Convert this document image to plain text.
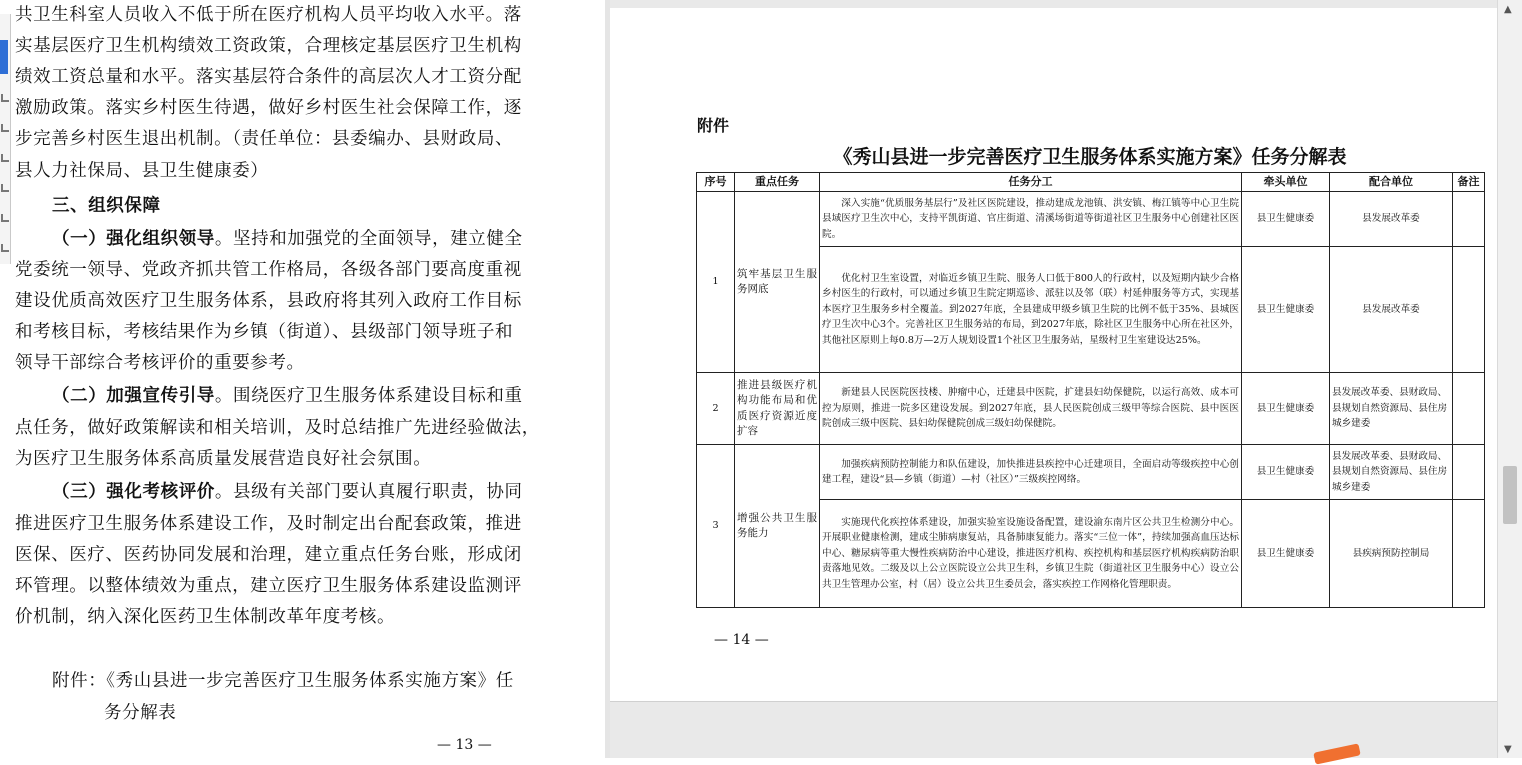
共卫生科室人员收入不低于所在医疗机构人员平均收入水平。落
实基层医疗卫生机构绩效工资政策，合理核定基层医疗卫生机构
绩效工资总量和水平。落实基层符合条件的高层次人才工资分配
激励政策。落实乡村医生待遇，做好乡村医生社会保障工作，逐
步完善乡村医生退出机制。（责任单位：县委编办、县财政局、
县人力社保局、县卫生健康委）
三、组织保障
（一）强化组织领导。坚持和加强党的全面领导，建立健全
党委统一领导、党政齐抓共管工作格局，各级各部门要高度重视
建设优质高效医疗卫生服务体系，县政府将其列入政府工作目标
和考核目标，考核结果作为乡镇（街道）、县级部门领导班子和
领导干部综合考核评价的重要参考。
（二）加强宣传引导。围绕医疗卫生服务体系建设目标和重
点任务，做好政策解读和相关培训，及时总结推广先进经验做法，
为医疗卫生服务体系高质量发展营造良好社会氛围。
（三）强化考核评价。县级有关部门要认真履行职责，协同
推进医疗卫生服务体系建设工作，及时制定出台配套政策，推进
医保、医疗、医药协同发展和治理，建立重点任务台账，形成闭
环管理。以整体绩效为重点，建立医疗卫生服务体系建设监测评
价机制，纳入深化医药卫生体制改革年度考核。
附件：《秀山县进一步完善医疗卫生服务体系实施方案》任
务分解表
— 13 —
附件
《秀山县进一步完善医疗卫生服务体系实施方案》任务分解表
序号	重点任务	任务分工	牵头单位	配合单位	备注
1	筑牢基层卫生服务网底	深入实施“优质服务基层行”及社区医院建设，推动建成龙池镇、洪安镇、梅江镇等中心卫生院县域医疗卫生次中心，支持平凯街道、官庄街道、清溪场街道等街道社区卫生服务中心创建社区医院。	县卫生健康委	县发展改革委	
		优化村卫生室设置，对临近乡镇卫生院、服务人口低于800人的行政村，以及短期内缺少合格乡村医生的行政村，可以通过乡镇卫生院定期巡诊、派驻以及邻（联）村延伸服务等方式，实现基本医疗卫生服务乡村全覆盖。到2027年底，全县建成甲级乡镇卫生院的比例不低于35%、县城医疗卫生次中心3个。完善社区卫生服务站的布局，到2027年底，除社区卫生服务中心所在社区外，其他社区原则上每0.8万—2万人规划设置1个社区卫生服务站，星级村卫生室建设达25%。	县卫生健康委	县发展改革委	
2	推进县级医疗机构功能布局和优质医疗资源近度扩容	新建县人民医院医技楼、肿瘤中心，迁建县中医院，扩建县妇幼保健院，以运行高效、成本可控为原则，推进一院多区建设发展。到2027年底，县人民医院创成三级甲等综合医院、县中医医院创成三级中医院、县妇幼保健院创成三级妇幼保健院。	县卫生健康委	县发展改革委、县财政局、县规划自然资源局、县住房城乡建委	
3	增强公共卫生服务能力	加强疾病预防控制能力和队伍建设，加快推进县疾控中心迁建项目，全面启动等级疾控中心创建工程，建设“县—乡镇（街道）—村（社区）”三级疾控网络。	县卫生健康委	县发展改革委、县财政局、县规划自然资源局、县住房城乡建委	
		实施现代化疾控体系建设，加强实验室设施设备配置，建设渝东南片区公共卫生检测分中心。开展职业健康检测，建成尘肺病康复站，具备肺康复能力。落实“三位一体”，持续加强高血压达标中心、糖尿病等重大慢性疾病防治中心建设，推进医疗机构、疾控机构和基层医疗机构疾病防治职责落地见效。二级及以上公立医院设立公共卫生科，乡镇卫生院（街道社区卫生服务中心）设立公共卫生管理办公室，村（居）设立公共卫生委员会，落实疾控工作网格化管理职责。	县卫生健康委	县疾病预防控制局	
— 14 —
▲
▼
